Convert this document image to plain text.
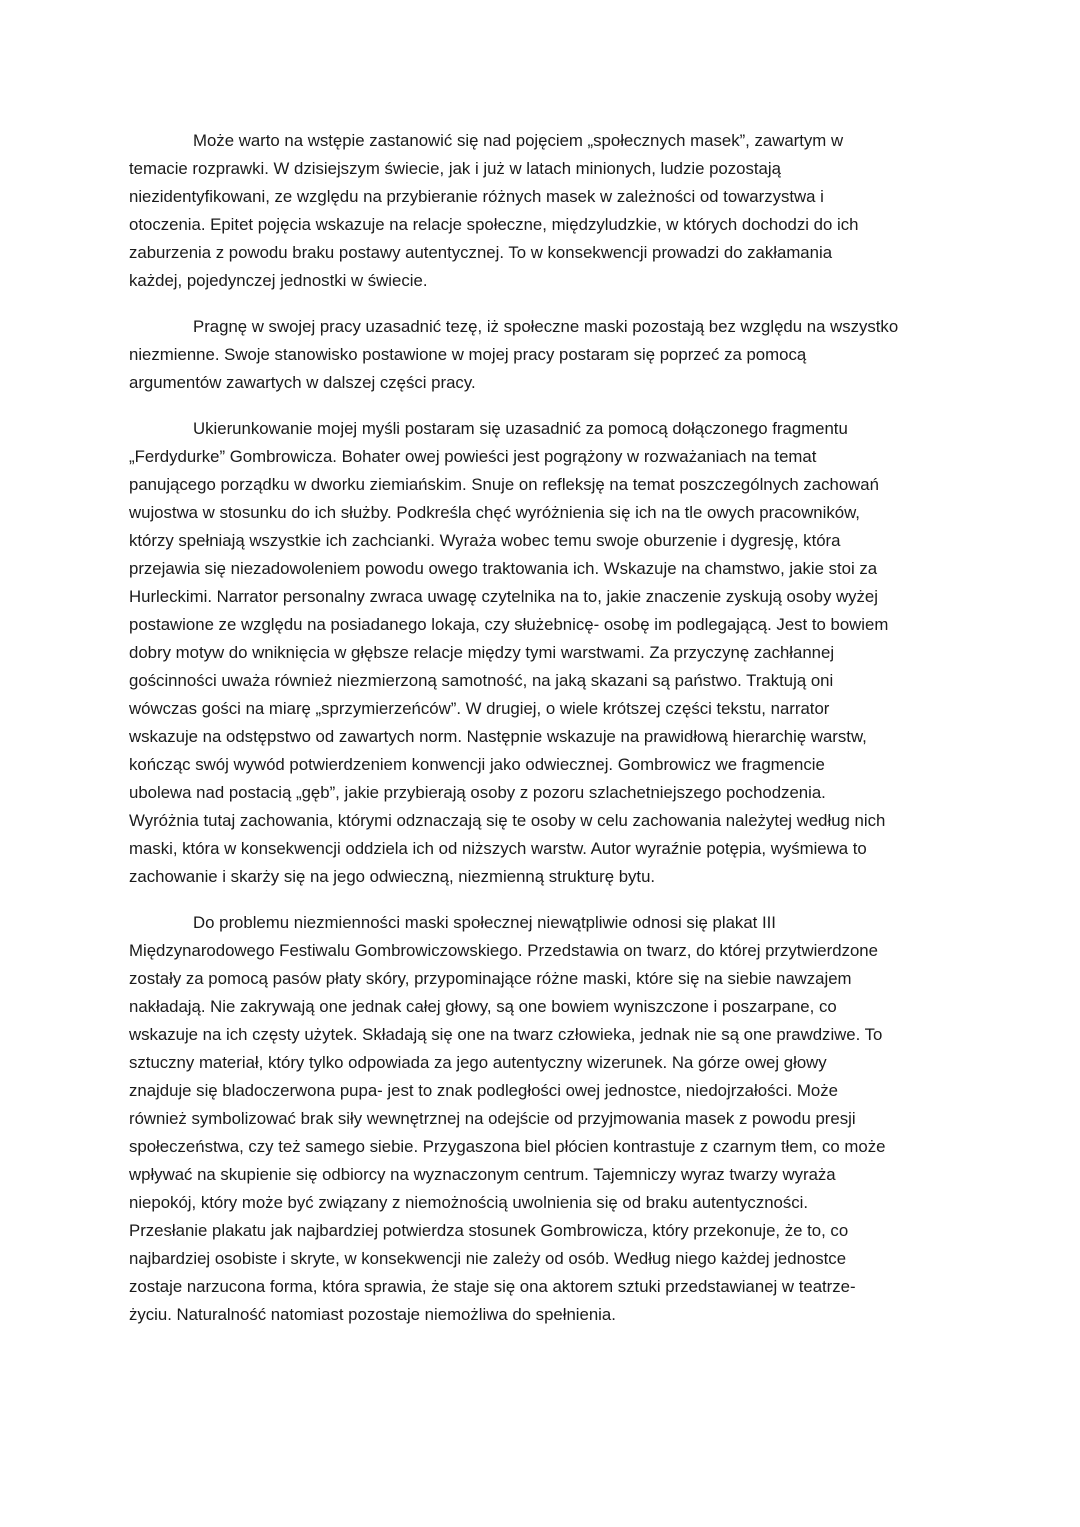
Może warto na wstępie zastanowić się nad pojęciem „społecznych masek”, zawartym w
temacie rozprawki. W dzisiejszym świecie, jak i już w latach minionych, ludzie pozostają
niezidentyfikowani, ze względu na przybieranie różnych masek w zależności od towarzystwa i
otoczenia. Epitet pojęcia wskazuje na relacje społeczne, międzyludzkie, w których dochodzi do ich
zaburzenia z powodu braku postawy autentycznej. To w konsekwencji prowadzi do zakłamania
każdej, pojedynczej jednostki w świecie.
Pragnę w swojej pracy uzasadnić tezę, iż społeczne maski pozostają bez względu na wszystko
niezmienne. Swoje stanowisko postawione w mojej pracy postaram się poprzeć za pomocą
argumentów zawartych w dalszej części pracy.
Ukierunkowanie mojej myśli postaram się uzasadnić za pomocą dołączonego fragmentu
„Ferdydurke” Gombrowicza. Bohater owej powieści jest pogrążony w rozważaniach na temat
panującego porządku w dworku ziemiańskim. Snuje on refleksję na temat poszczególnych zachowań
wujostwa w stosunku do ich służby. Podkreśla chęć wyróżnienia się ich na tle owych pracowników,
którzy spełniają wszystkie ich zachcianki. Wyraża wobec temu swoje oburzenie i dygresję, która
przejawia się niezadowoleniem powodu owego traktowania ich. Wskazuje na chamstwo, jakie stoi za
Hurleckimi. Narrator personalny zwraca uwagę czytelnika na to, jakie znaczenie zyskują osoby wyżej
postawione ze względu na posiadanego lokaja, czy służebnicę- osobę im podlegającą. Jest to bowiem
dobry motyw do wniknięcia w głębsze relacje między tymi warstwami. Za przyczynę zachłannej
gościnności uważa również niezmierzoną samotność, na jaką skazani są państwo. Traktują oni
wówczas gości na miarę „sprzymierzeńców”. W drugiej, o wiele krótszej części tekstu, narrator
wskazuje na odstępstwo od zawartych norm. Następnie wskazuje na prawidłową hierarchię warstw,
kończąc swój wywód potwierdzeniem konwencji jako odwiecznej. Gombrowicz we fragmencie
ubolewa nad postacią „gęb”, jakie przybierają osoby z pozoru szlachetniejszego pochodzenia.
Wyróżnia tutaj zachowania, którymi odznaczają się te osoby w celu zachowania należytej według nich
maski, która w konsekwencji oddziela ich od niższych warstw. Autor wyraźnie potępia, wyśmiewa to
zachowanie i skarży się na jego odwieczną, niezmienną strukturę bytu.
Do problemu niezmienności maski społecznej niewątpliwie odnosi się plakat III
Międzynarodowego Festiwalu Gombrowiczowskiego. Przedstawia on twarz, do której przytwierdzone
zostały za pomocą pasów płaty skóry, przypominające różne maski, które się na siebie nawzajem
nakładają. Nie zakrywają one jednak całej głowy, są one bowiem wyniszczone i poszarpane, co
wskazuje na ich częsty użytek. Składają się one na twarz człowieka, jednak nie są one prawdziwe. To
sztuczny materiał, który tylko odpowiada za jego autentyczny wizerunek. Na górze owej głowy
znajduje się bladoczerwona pupa- jest to znak podległości owej jednostce, niedojrzałości. Może
również symbolizować brak siły wewnętrznej na odejście od przyjmowania masek z powodu presji
społeczeństwa, czy też samego siebie. Przygaszona biel płócien kontrastuje z czarnym tłem, co może
wpływać na skupienie się odbiorcy na wyznaczonym centrum. Tajemniczy wyraz twarzy wyraża
niepokój, który może być związany z niemożnością uwolnienia się od braku autentyczności.
Przesłanie plakatu jak najbardziej potwierdza stosunek Gombrowicza, który przekonuje, że to, co
najbardziej osobiste i skryte, w konsekwencji nie zależy od osób. Według niego każdej jednostce
zostaje narzucona forma, która sprawia, że staje się ona aktorem sztuki przedstawianej w teatrze-
życiu. Naturalność natomiast pozostaje niemożliwa do spełnienia.
